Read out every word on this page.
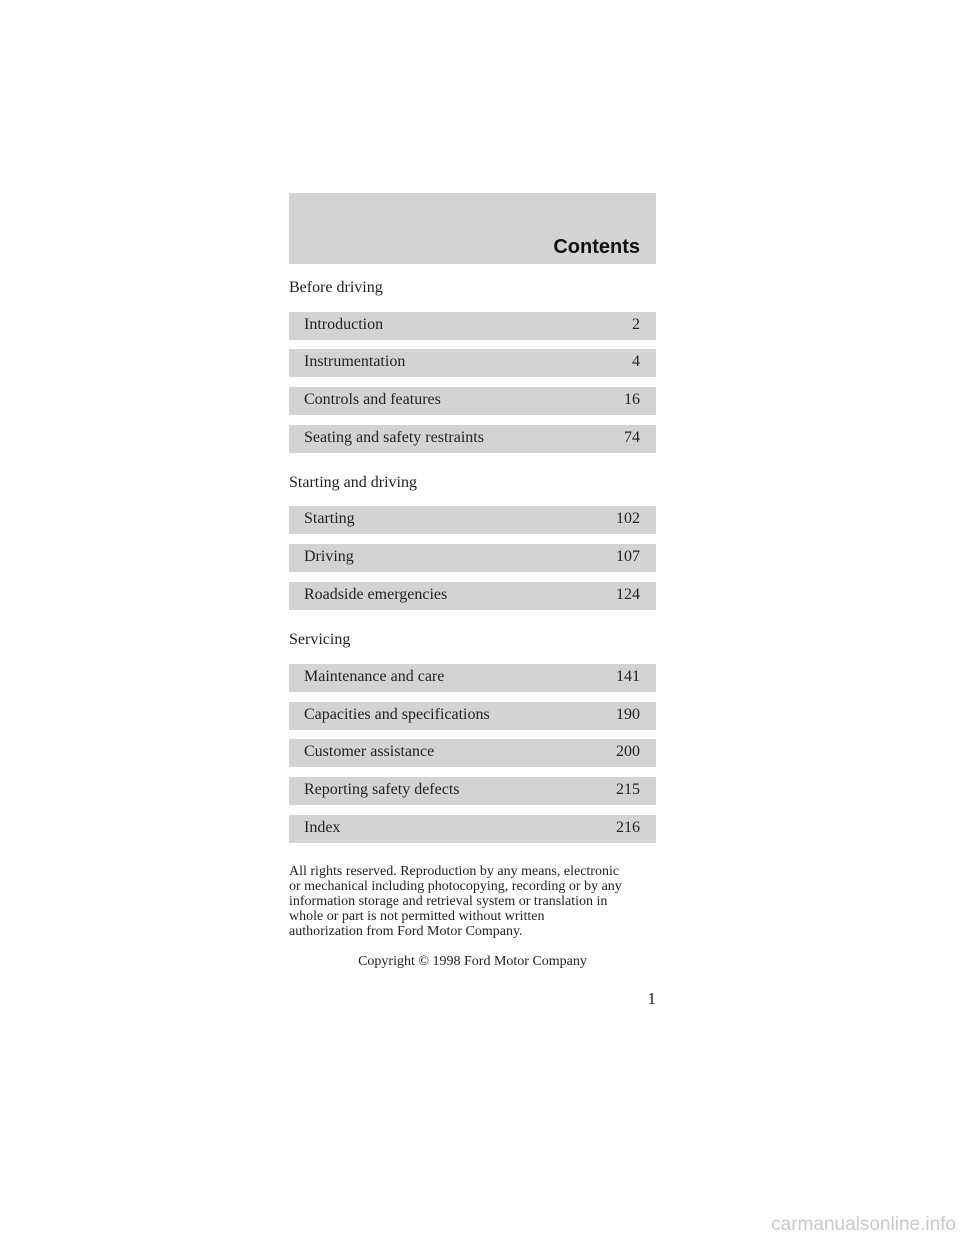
Contents
Before driving
Introduction	2
Instrumentation	4
Controls and features	16
Seating and safety restraints	74
Starting and driving
Starting	102
Driving	107
Roadside emergencies	124
Servicing
Maintenance and care	141
Capacities and specifications	190
Customer assistance	200
Reporting safety defects	215
Index	216
All rights reserved. Reproduction by any means, electronic
or mechanical including photocopying, recording or by any
information storage and retrieval system or translation in
whole or part is not permitted without written
authorization from Ford Motor Company.
Copyright © 1998 Ford Motor Company
1
carmanualsonline.info
